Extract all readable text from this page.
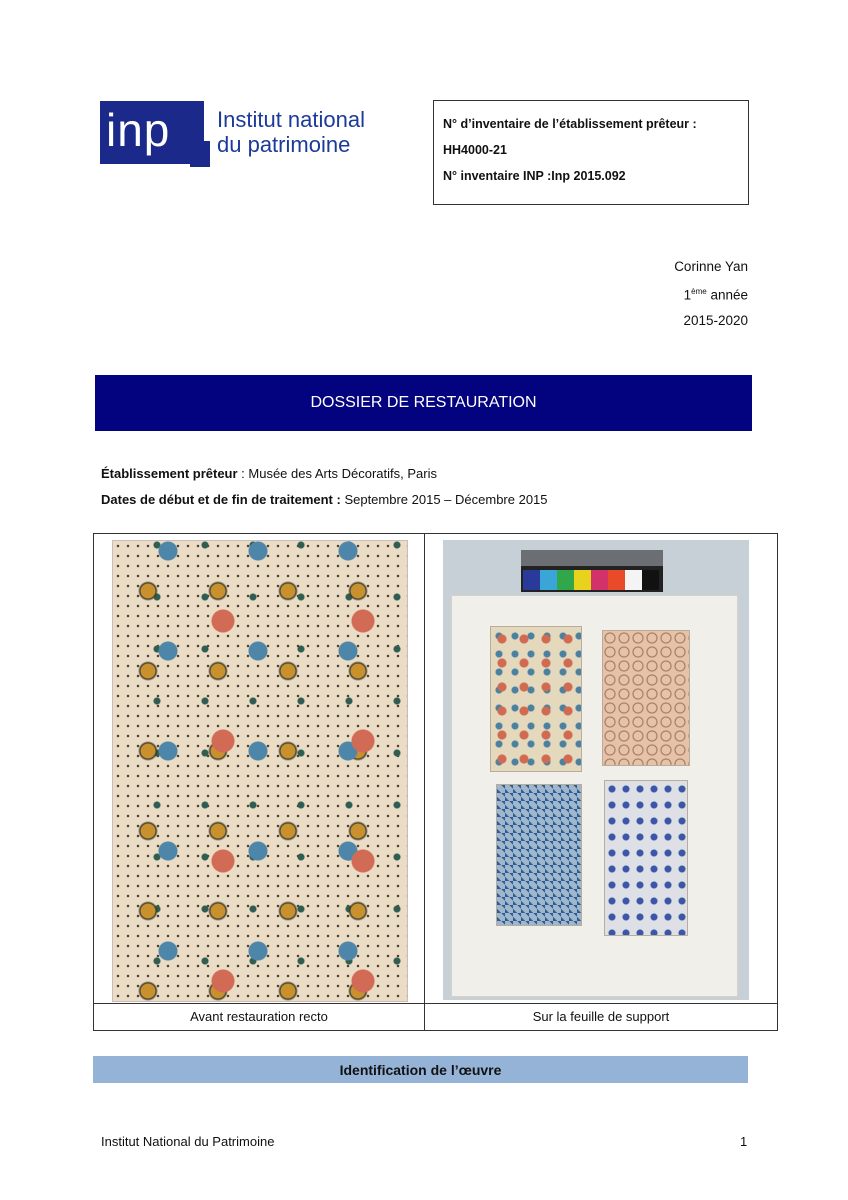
inp Institut national
du patrimoine
N° d’inventaire de l’établissement prêteur :
HH4000-21
N° inventaire INP :Inp 2015.092
Corinne Yan
1ème année
2015-2020
DOSSIER DE RESTAURATION
Établissement prêteur : Musée des Arts Décoratifs, Paris
Dates de début et de fin de traitement : Septembre 2015 – Décembre 2015
Avant restauration recto	Sur la feuille de support
Identification de l’œuvre
Institut National du Patrimoine	1
